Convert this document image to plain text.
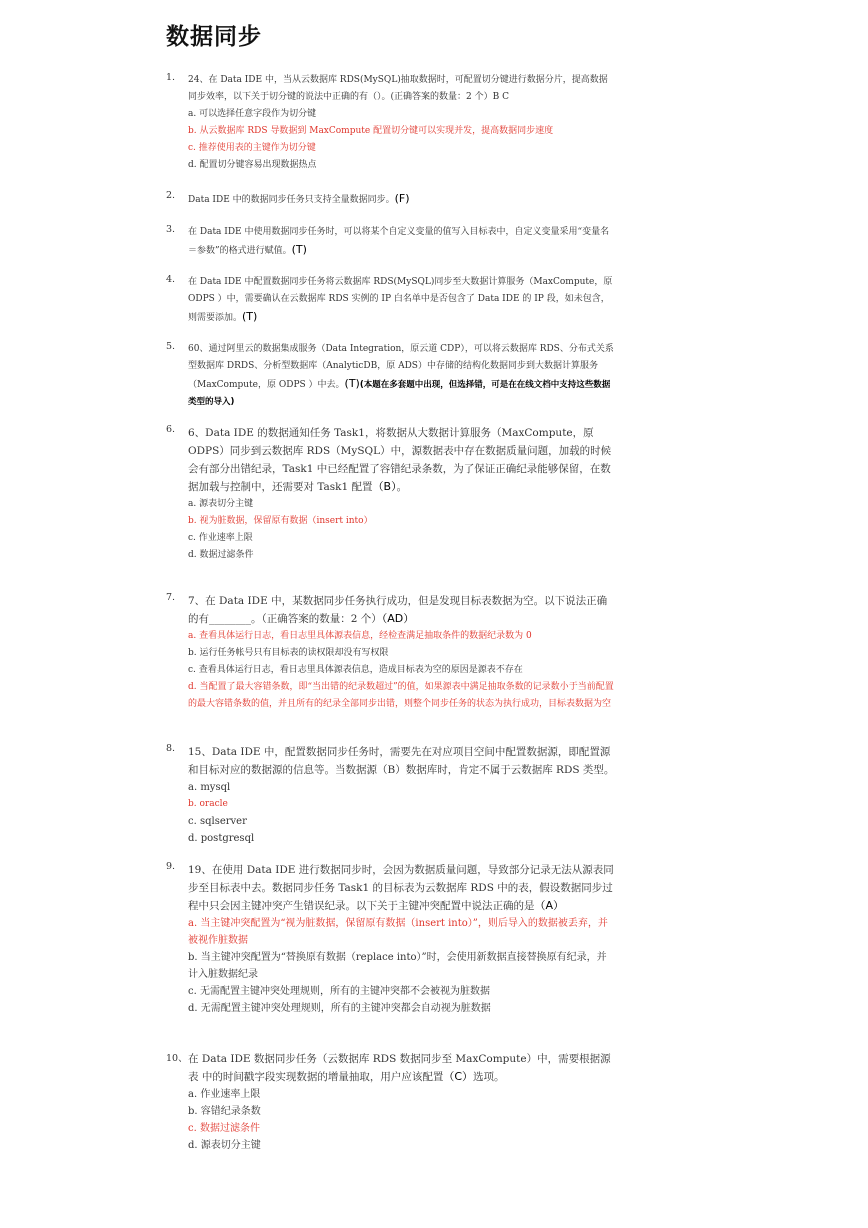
数据同步
1.	24、在 Data IDE 中，当从云数据库 RDS(MySQL)抽取数据时，可配置切分键进行数据分片，提高数据同步效率，以下关于切分键的说法中正确的有（）。(正确答案的数量：2 个）B C
a. 可以选择任意字段作为切分键
b. 从云数据库 RDS 导数据到 MaxCompute 配置切分键可以实现并发，提高数据同步速度
c. 推荐使用表的主键作为切分键
d. 配置切分键容易出现数据热点
2.	Data IDE 中的数据同步任务只支持全量数据同步。(F)
3.	在 Data IDE 中使用数据同步任务时，可以将某个自定义变量的值写入目标表中，自定义变量采用“变量名＝参数”的格式进行赋值。(T)
4.	在 Data IDE 中配置数据同步任务将云数据库 RDS(MySQL)同步至大数据计算服务（MaxCompute，原 ODPS ）中，需要确认在云数据库 RDS 实例的 IP 白名单中是否包含了 Data IDE 的 IP 段，如未包含，则需要添加。(T)
5.	60、通过阿里云的数据集成服务（Data Integration，原云道 CDP），可以将云数据库 RDS、分布式关系型数据库 DRDS、分析型数据库（AnalyticDB，原 ADS）中存储的结构化数据同步到大数据计算服务（MaxCompute，原 ODPS ）中去。(T)(本题在多套题中出现，但选择错，可是在在线文档中支持这些数据类型的导入)
6.	6、Data IDE 的数据通知任务 Task1，将数据从大数据计算服务（MaxCompute，原 ODPS）同步到云数据库 RDS（MySQL）中，源数据表中存在数据质量问题，加载的时候会有部分出错纪录，Task1 中已经配置了容错纪录条数，为了保证正确纪录能够保留，在数据加载与控制中，还需要对 Task1 配置（B）。
a. 源表切分主键
b. 视为脏数据，保留原有数据（insert into）
c. 作业速率上限
d. 数据过滤条件
7.	7、在 Data IDE 中，某数据同步任务执行成功，但是发现目标表数据为空。以下说法正确的有________。（正确答案的数量：2 个）（AD）
a. 查看具体运行日志，看日志里具体源表信息，经检查满足抽取条件的数据纪录数为 0
b. 运行任务帐号只有目标表的读权限却没有写权限
c. 查看具体运行日志，看日志里具体源表信息，造成目标表为空的原因是源表不存在
d. 当配置了最大容错条数，即“当出错的纪录数超过”的值，如果源表中满足抽取条数的记录数小于当前配置的最大容错条数的值，并且所有的纪录全部同步出错，则整个同步任务的状态为执行成功，目标表数据为空
8.	15、Data IDE 中，配置数据同步任务时，需要先在对应项目空间中配置数据源，即配置源和目标对应的数据源的信息等。当数据源（B）数据库时，肯定不属于云数据库 RDS 类型。
a. mysql
b. oracle
c. sqlserver
d. postgresql
9.	19、在使用 Data IDE 进行数据同步时，会因为数据质量问题，导致部分记录无法从源表同步至目标表中去。数据同步任务 Task1 的目标表为云数据库 RDS 中的表，假设数据同步过程中只会因主键冲突产生错误纪录。以下关于主键冲突配置中说法正确的是（A）
a. 当主键冲突配置为“视为脏数据，保留原有数据（insert into）”，则后导入的数据被丢弃，并被视作脏数据
b. 当主键冲突配置为“替换原有数据（replace into）”时，会使用新数据直接替换原有纪录，并计入脏数据纪录
c. 无需配置主键冲突处理规则，所有的主键冲突都不会被视为脏数据
d. 无需配置主键冲突处理规则，所有的主键冲突都会自动视为脏数据
10、 在 Data IDE 数据同步任务（云数据库 RDS 数据同步至 MaxCompute）中，需要根据源表 中的时间戳字段实现数据的增量抽取，用户应该配置（C）选项。
a. 作业速率上限
b. 容错纪录条数
c. 数据过滤条件
d. 源表切分主键
